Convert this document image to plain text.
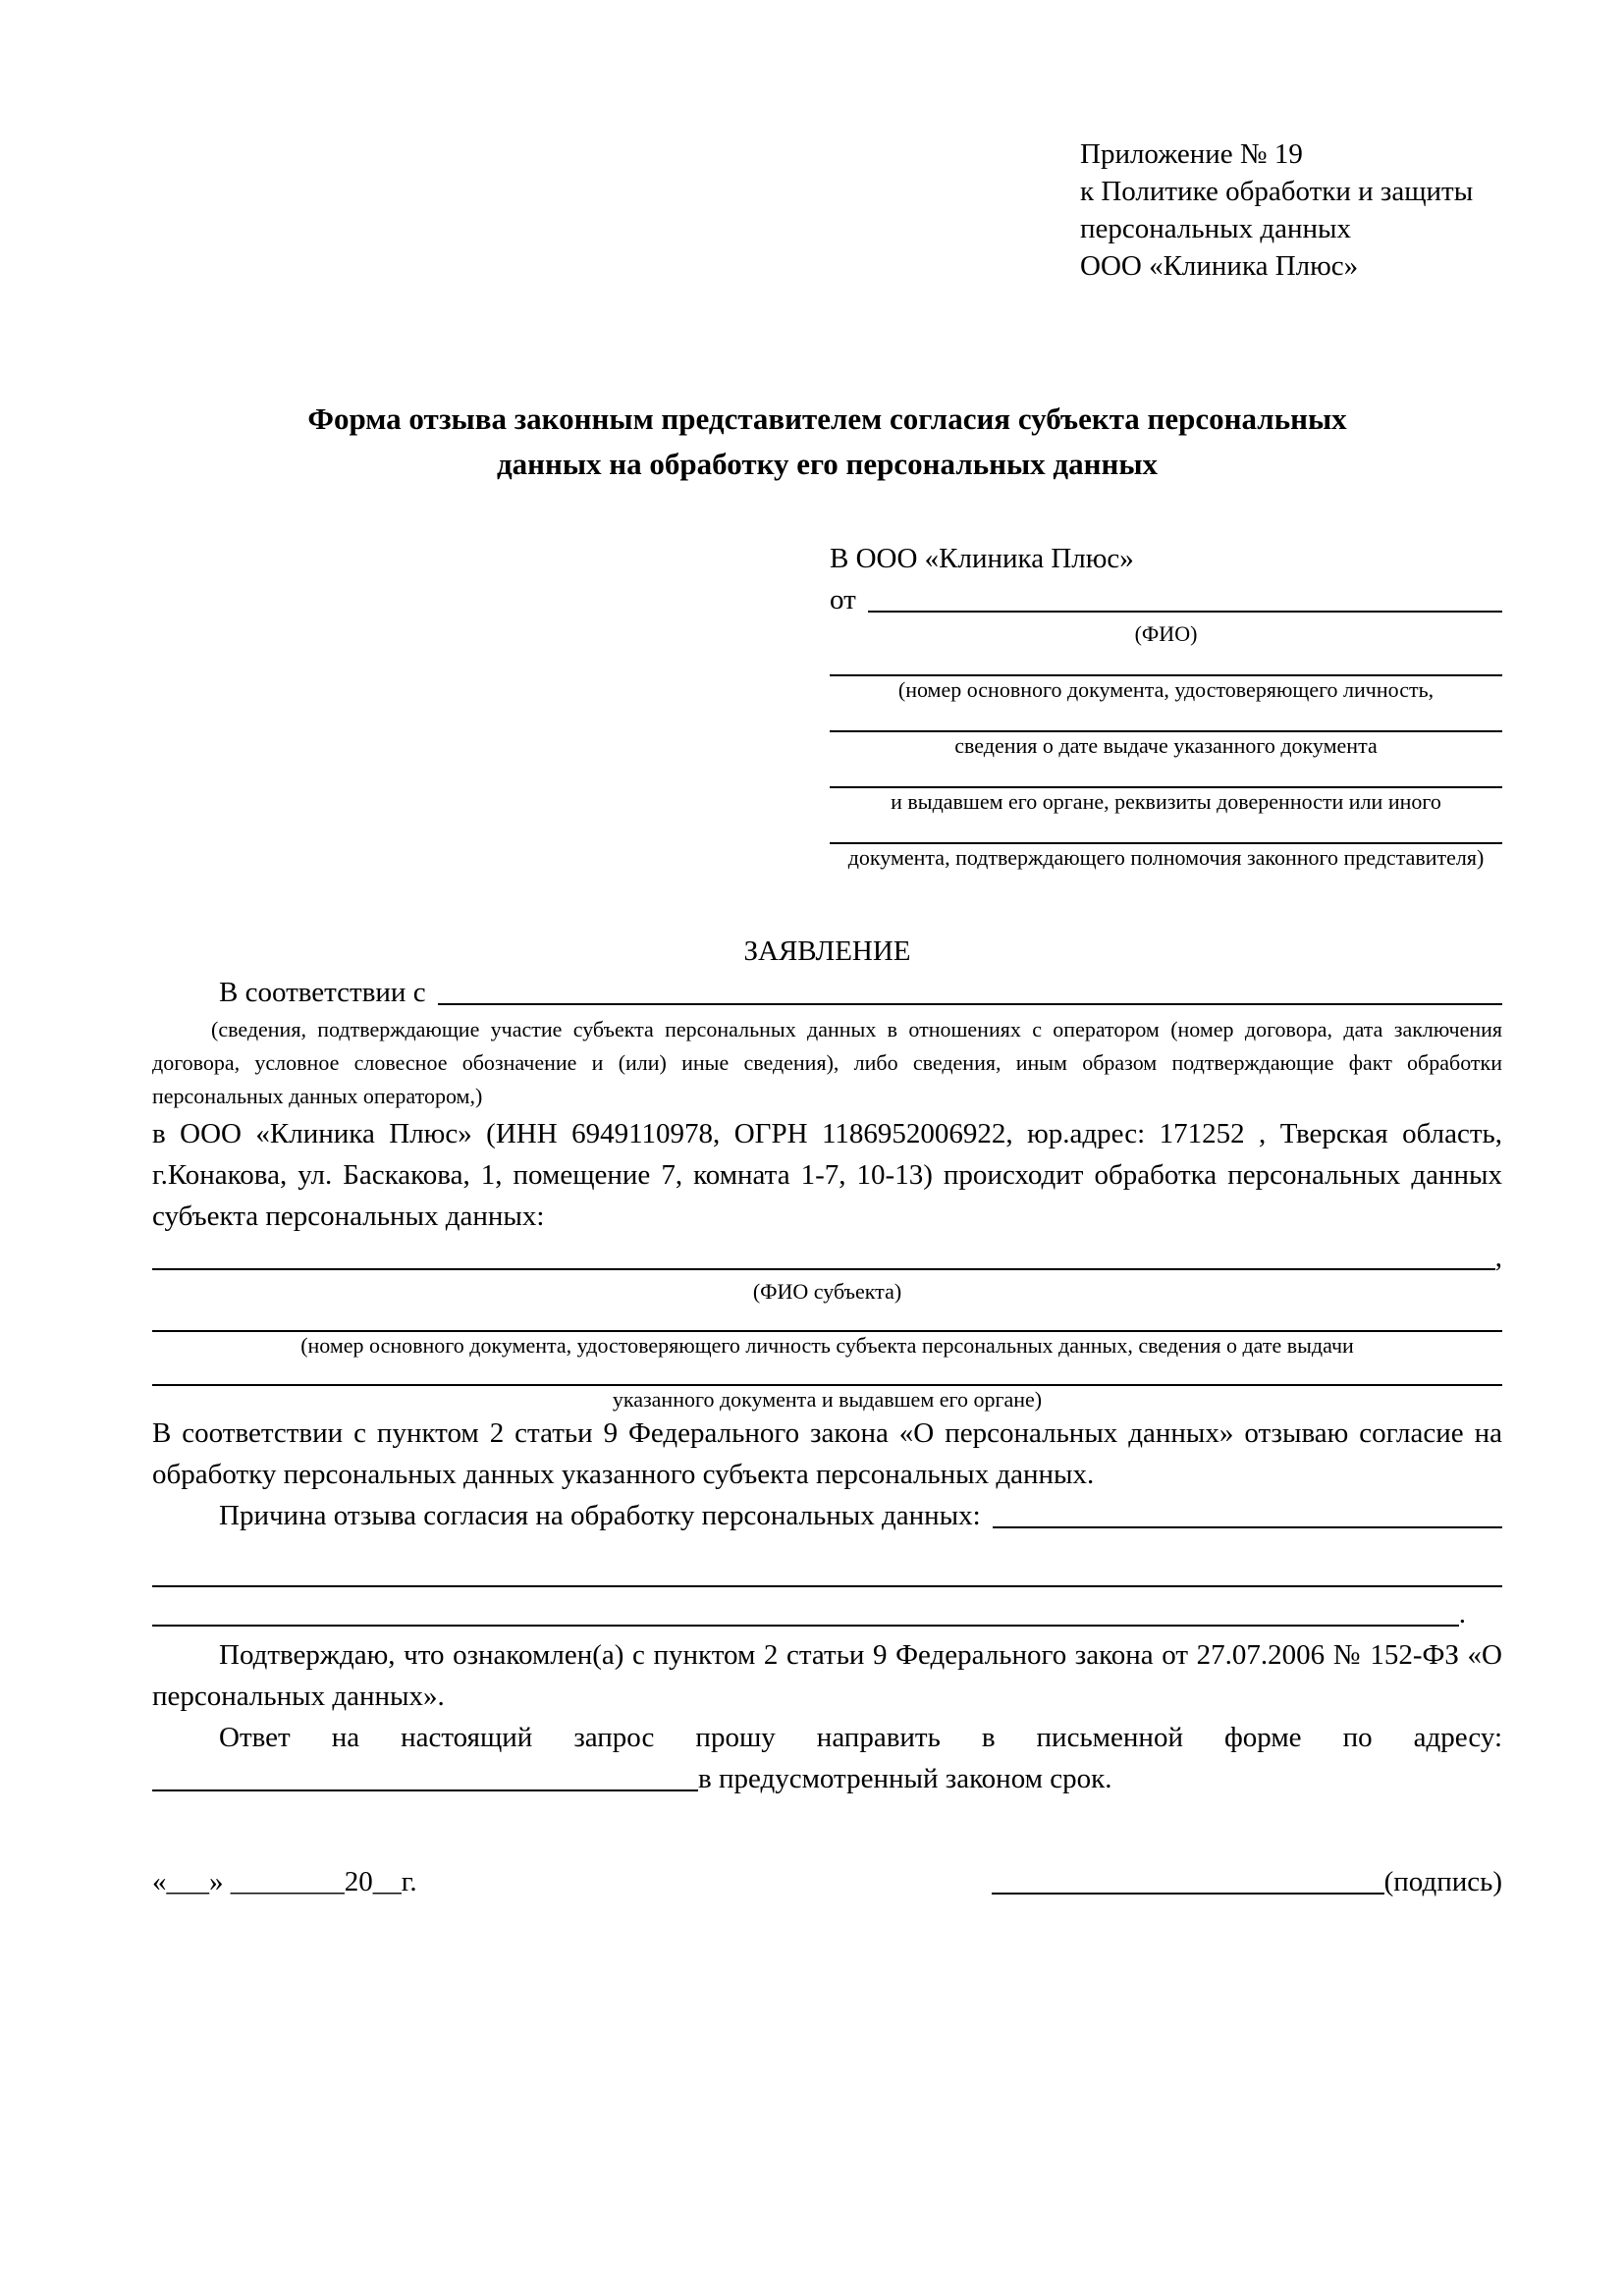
Приложение № 19
к Политике обработки и защиты
персональных данных
ООО «Клиника Плюс»
Форма отзыва законным представителем согласия субъекта персональных данных на обработку его персональных данных
В ООО «Клиника Плюс»
от
(ФИО)
(номер основного документа, удостоверяющего личность,
сведения о дате выдаче указанного документа
и выдавшем его органе, реквизиты доверенности или иного
документа, подтверждающего полномочия законного представителя)
ЗАЯВЛЕНИЕ
В соответствии с
(сведения, подтверждающие участие субъекта персональных данных в отношениях с оператором (номер договора, дата заключения договора, условное словесное обозначение и (или) иные сведения), либо сведения, иным образом подтверждающие факт обработки персональных данных оператором,)
в ООО «Клиника Плюс» (ИНН 6949110978, ОГРН 1186952006922, юр.адрес: 171252 , Тверская область, г.Конакова, ул. Баскакова, 1, помещение 7, комната 1-7, 10-13) происходит обработка персональных данных субъекта персональных данных:
,
(ФИО субъекта)
(номер основного документа, удостоверяющего личность субъекта персональных данных, сведения о дате выдачи
указанного документа и выдавшем его органе)
В соответствии с пунктом 2 статьи 9 Федерального закона «О персональных данных» отзываю согласие на обработку персональных данных указанного субъекта персональных данных.
Причина отзыва согласия на обработку персональных данных:
.
Подтверждаю, что ознакомлен(а) с пунктом 2 статьи 9 Федерального закона от 27.07.2006 № 152-ФЗ «О персональных данных».
Ответ на настоящий запрос прошу направить в письменной форме по адресу:
в предусмотренный законом срок.
«___» ________20__г.	(подпись)
